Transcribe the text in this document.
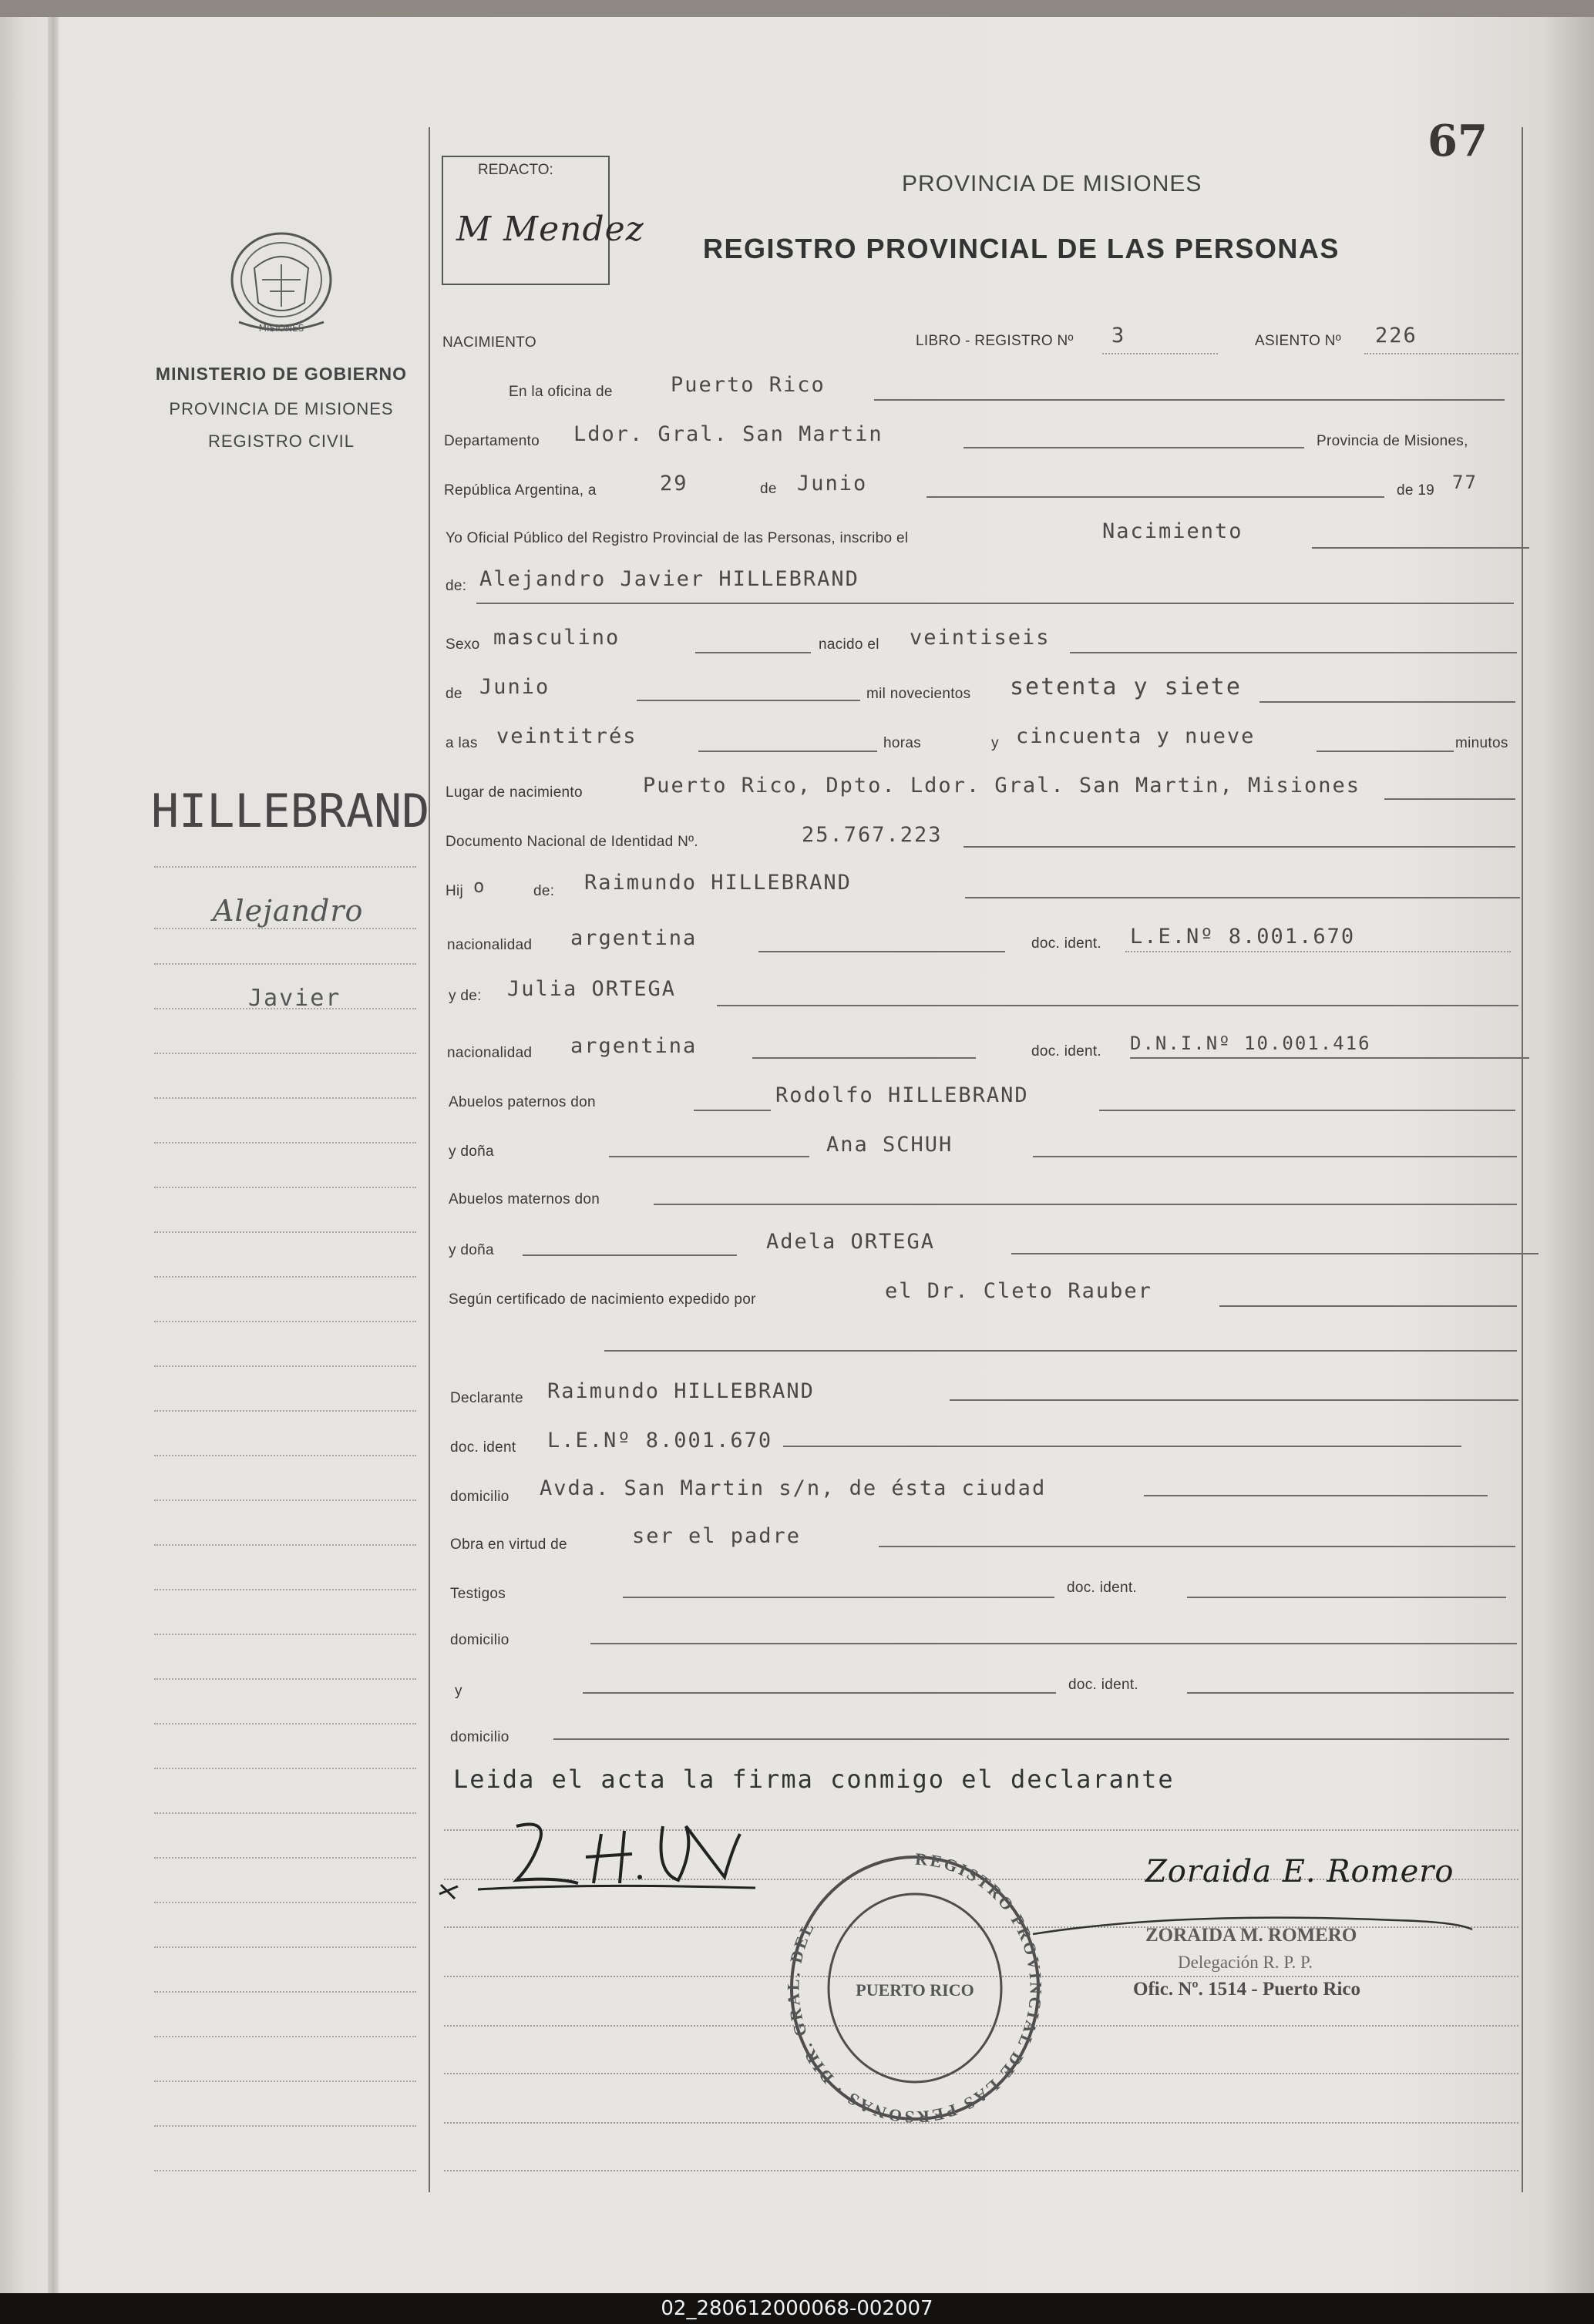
67
MISIONES
MINISTERIO DE GOBIERNO
PROVINCIA DE MISIONES
REGISTRO CIVIL
HILLEBRAND
Alejandro
Javier
REDACTO:
M Mendez
PROVINCIA DE MISIONES
REGISTRO PROVINCIAL DE LAS PERSONAS
NACIMIENTO	LIBRO - REGISTRO Nº 3	ASIENTO Nº 226
En la oficina de	Puerto Rico
Departamento Ldor. Gral. San Martin	Provincia de Misiones,
República Argentina, a	29	de Junio	de 19 77
Yo Oficial Público del Registro Provincial de las Personas, inscribo el	Nacimiento
de: Alejandro Javier HILLEBRAND
Sexo masculino	nacido el veintiseis
de Junio	mil novecientos setenta y siete
a las veintitrés	horas	y cincuenta y nueve	minutos
Lugar de nacimiento	Puerto Rico, Dpto. Ldor. Gral. San Martin, Misiones
Documento Nacional de Identidad Nº.	25.767.223
Hij o	de: Raimundo HILLEBRAND
nacionalidad argentina	doc. ident. L.E.Nº 8.001.670
y de: Julia ORTEGA
nacionalidad argentina	doc. ident. D.N.I.Nº 10.001.416
Abuelos paternos don	Rodolfo HILLEBRAND
y doña	Ana SCHUH
Abuelos maternos don
y doña	Adela ORTEGA
Según certificado de nacimiento expedido por	el Dr. Cleto Rauber
Declarante Raimundo HILLEBRAND
doc. ident L.E.Nº 8.001.670
domicilio Avda. San Martin s/n, de ésta ciudad
Obra en virtud de	ser el padre
Testigos	doc. ident.
domicilio
y	doc. ident.
domicilio
Leida el acta la firma conmigo el declarante
REGISTRO PROVINCIAL DE LAS PERSONAS · DIR. GRAL. DEL
PUERTO RICO
Zoraida E. Romero
ZORAIDA M. ROMERO
Delegación R. P. P.
Ofic. Nº. 1514 - Puerto Rico
02_280612000068-002007
